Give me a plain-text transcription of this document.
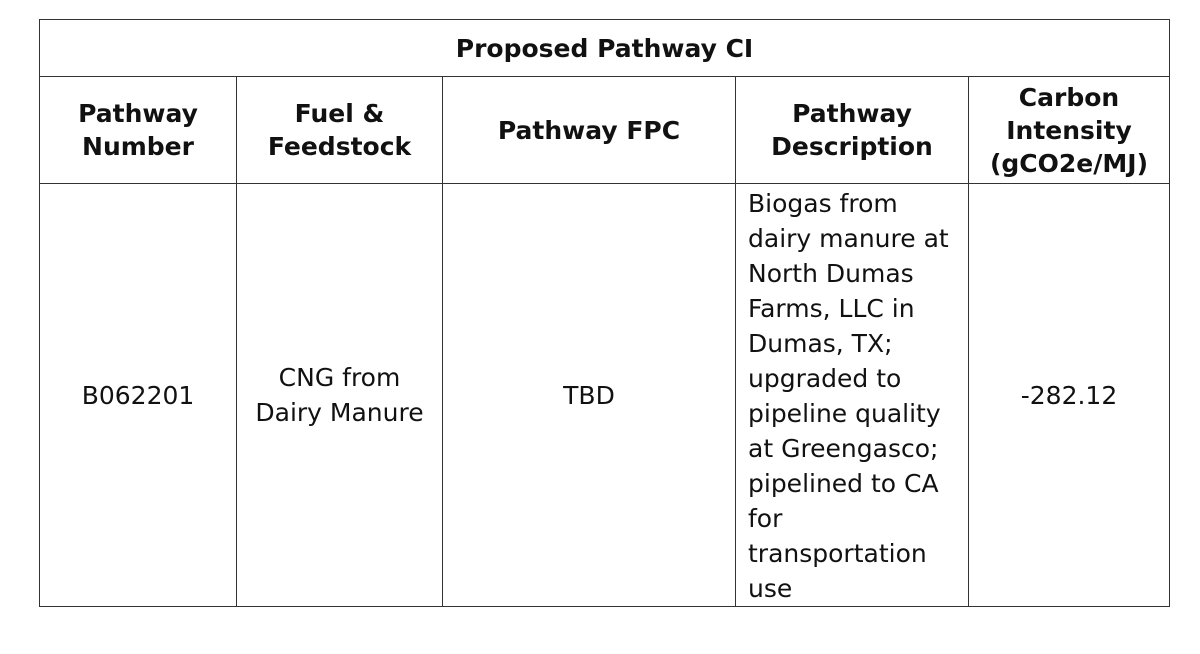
Proposed Pathway CI				
Pathway Number	Fuel & Feedstock	Pathway FPC	Pathway Description	Carbon Intensity (gCO2e/MJ)
B062201	CNG from Dairy Manure	TBD	Biogas from dairy manure at North Dumas Farms, LLC in Dumas, TX; upgraded to pipeline quality at Greengasco; pipelined to CA for transportation use	-282.12
